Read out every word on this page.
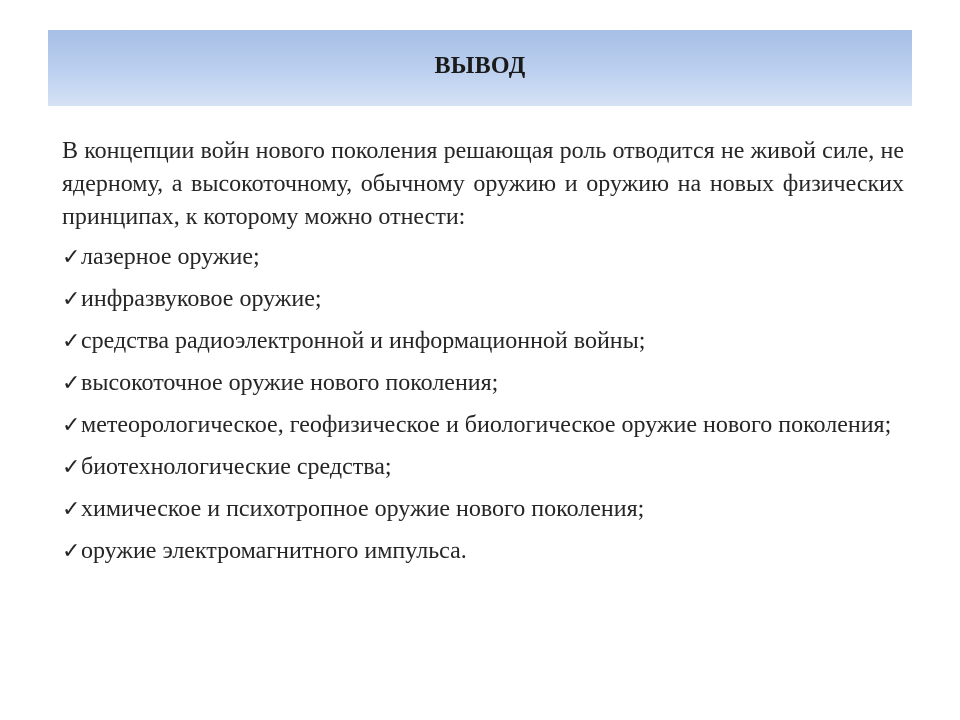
ВЫВОД

В концепции войн нового поколения решающая роль отводится не живой силе, не ядерному, а высокоточному, обычному оружию и оружию на новых физических принципах, к которому можно отнести:

✓ лазерное оружие;
✓ инфразвуковое оружие;
✓ средства радиоэлектронной и информационной войны;
✓ высокоточное оружие нового поколения;
✓ метеорологическое, геофизическое и биологическое оружие нового поколения;
✓ биотехнологические средства;
✓ химическое и психотропное оружие нового поколения;
✓ оружие электромагнитного импульса.
